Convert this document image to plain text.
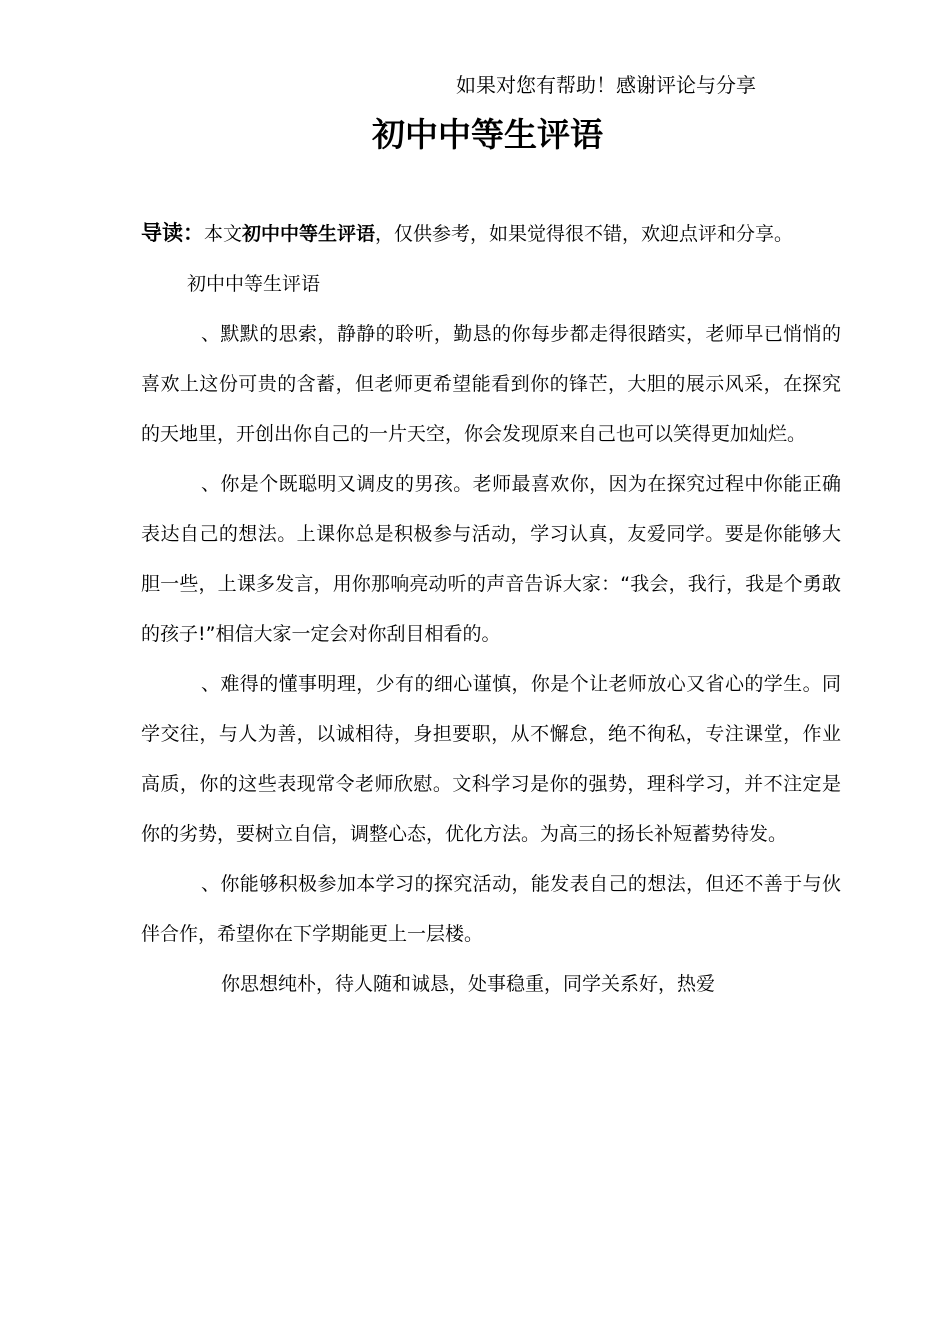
如果对您有帮助！感谢评论与分享
初中中等生评语

导读：本文初中中等生评语，仅供参考，如果觉得很不错，欢迎点评和分享。

初中中等生评语

、默默的思索，静静的聆听，勤恳的你每步都走得很踏实，老师早已悄悄的喜欢上这份可贵的含蓄，但老师更希望能看到你的锋芒，大胆的展示风采，在探究的天地里，开创出你自己的一片天空，你会发现原来自己也可以笑得更加灿烂。

、你是个既聪明又调皮的男孩。老师最喜欢你，因为在探究过程中你能正确表达自己的想法。上课你总是积极参与活动，学习认真，友爱同学。要是你能够大胆一些，上课多发言，用你那响亮动听的声音告诉大家：“我会，我行，我是个勇敢的孩子!”相信大家一定会对你刮目相看的。

、难得的懂事明理，少有的细心谨慎，你是个让老师放心又省心的学生。同学交往，与人为善，以诚相待，身担要职，从不懈怠，绝不徇私，专注课堂，作业高质，你的这些表现常令老师欣慰。文科学习是你的强势，理科学习，并不注定是你的劣势，要树立自信，调整心态，优化方法。为高三的扬长补短蓄势待发。

、你能够积极参加本学习的探究活动，能发表自己的想法，但还不善于与伙伴合作，希望你在下学期能更上一层楼。

你思想纯朴，待人随和诚恳，处事稳重，同学关系好，热爱
